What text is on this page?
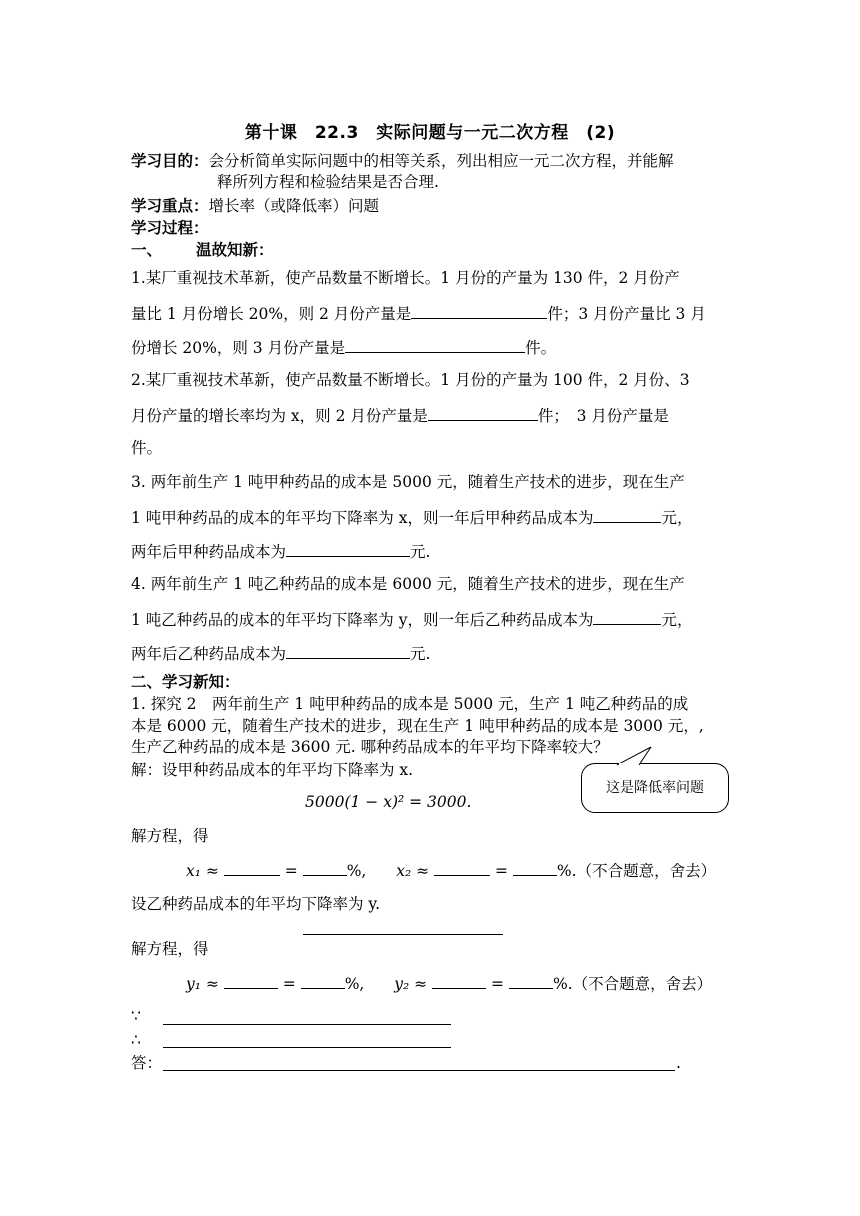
第十课　22.3　实际问题与一元二次方程　(2)
学习目的：会分析简单实际问题中的相等关系，列出相应一元二次方程，并能解
释所列方程和检验结果是否合理.
学习重点：增长率（或降低率）问题
学习过程：
一、 温故知新：
1.某厂重视技术革新，使产品数量不断增长。1 月份的产量为 130 件，2 月份产
量比 1 月份增长 20%，则 2 月份产量是	件；3 月份产量比 3 月
份增长 20%，则 3 月份产量是	件。
2.某厂重视技术革新，使产品数量不断增长。1 月份的产量为 100 件，2 月份、3
月份产量的增长率均为 x，则 2 月份产量是	件；　3 月份产量是
件。
3. 两年前生产 1 吨甲种药品的成本是 5000 元，随着生产技术的进步，现在生产
1 吨甲种药品的成本的年平均下降率为 x，则一年后甲种药品成本为	元，
两年后甲种药品成本为	元.
4. 两年前生产 1 吨乙种药品的成本是 6000 元，随着生产技术的进步，现在生产
1 吨乙种药品的成本的年平均下降率为 y，则一年后乙种药品成本为	元，
两年后乙种药品成本为	元.
二、学习新知：
1. 探究 2　两年前生产 1 吨甲种药品的成本是 5000 元，生产 1 吨乙种药品的成
本是 6000 元，随着生产技术的进步，现在生产 1 吨甲种药品的成本是 3000 元，,
生产乙种药品的成本是 3600 元. 哪种药品成本的年平均下降率较大？
解：设甲种药品成本的年平均下降率为 x.
5000(1 − x)² = 3000.
这是降低率问题
解方程，得
x₁ ≈	=	%, x₂ ≈	=	%.（不合题意，舍去）
设乙种药品成本的年平均下降率为 y.
解方程，得
y₁ ≈	=	%, y₂ ≈	=	%.（不合题意，舍去）
∵
∴
答：	.
